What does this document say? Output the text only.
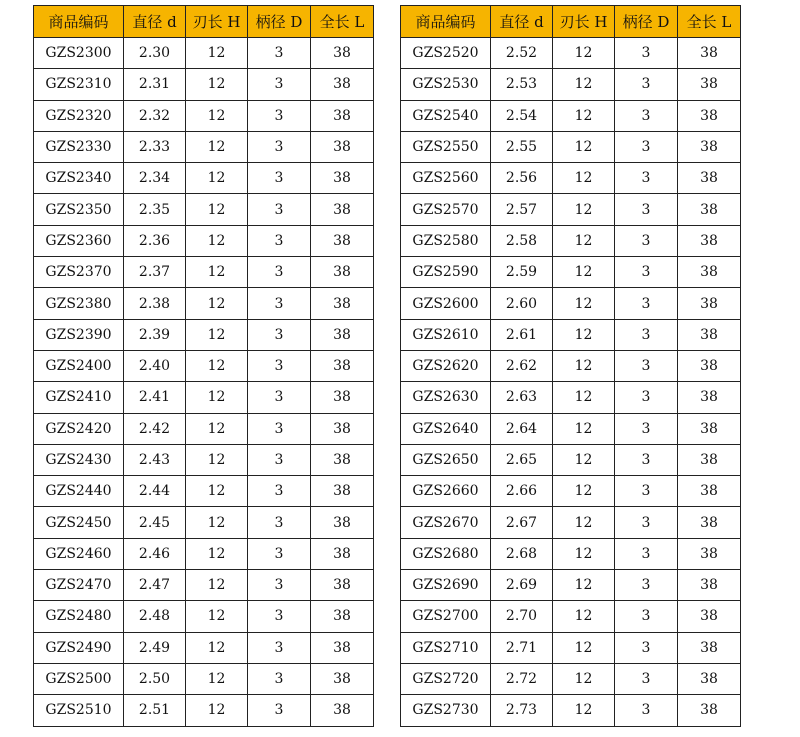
商品编码	直径 d	刃长 H	柄径 D	全长 L
GZS2300	2.30	12	3	38
GZS2310	2.31	12	3	38
GZS2320	2.32	12	3	38
GZS2330	2.33	12	3	38
GZS2340	2.34	12	3	38
GZS2350	2.35	12	3	38
GZS2360	2.36	12	3	38
GZS2370	2.37	12	3	38
GZS2380	2.38	12	3	38
GZS2390	2.39	12	3	38
GZS2400	2.40	12	3	38
GZS2410	2.41	12	3	38
GZS2420	2.42	12	3	38
GZS2430	2.43	12	3	38
GZS2440	2.44	12	3	38
GZS2450	2.45	12	3	38
GZS2460	2.46	12	3	38
GZS2470	2.47	12	3	38
GZS2480	2.48	12	3	38
GZS2490	2.49	12	3	38
GZS2500	2.50	12	3	38
GZS2510	2.51	12	3	38
商品编码	直径 d	刃长 H	柄径 D	全长 L
GZS2520	2.52	12	3	38
GZS2530	2.53	12	3	38
GZS2540	2.54	12	3	38
GZS2550	2.55	12	3	38
GZS2560	2.56	12	3	38
GZS2570	2.57	12	3	38
GZS2580	2.58	12	3	38
GZS2590	2.59	12	3	38
GZS2600	2.60	12	3	38
GZS2610	2.61	12	3	38
GZS2620	2.62	12	3	38
GZS2630	2.63	12	3	38
GZS2640	2.64	12	3	38
GZS2650	2.65	12	3	38
GZS2660	2.66	12	3	38
GZS2670	2.67	12	3	38
GZS2680	2.68	12	3	38
GZS2690	2.69	12	3	38
GZS2700	2.70	12	3	38
GZS2710	2.71	12	3	38
GZS2720	2.72	12	3	38
GZS2730	2.73	12	3	38
